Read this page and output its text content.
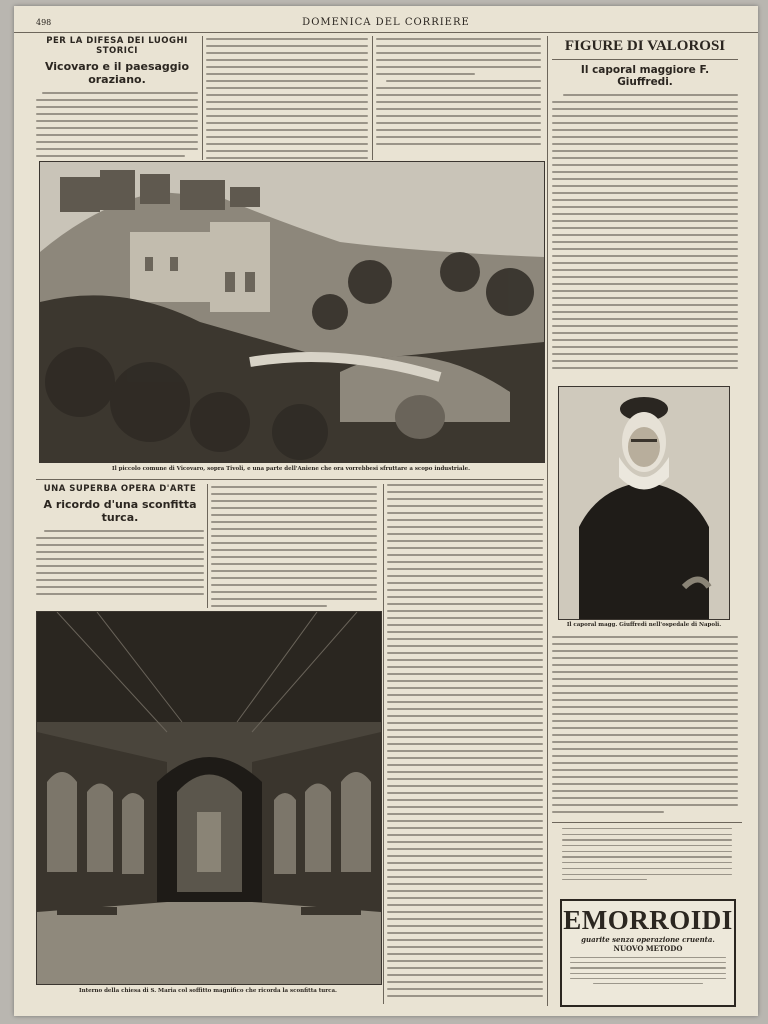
498	DOMENICA DEL CORRIERE
PER LA DIFESA DEI LUOGHI STORICI
Vicovaro e il paesaggio oraziano.
Il piccolo comune di Vicovaro, sopra Tivoli, e una parte dell'Aniene che ora vorrebbesi sfruttare a scopo industriale.
UNA SUPERBA OPERA D'ARTE
A ricordo d'una sconfitta turca.
Interno della chiesa di S. Maria col soffitto magnifico che ricorda la sconfitta turca.
FIGURE DI VALOROSI
Il caporal maggiore F. Giuffredi.
Il caporal magg. Giuffredi nell'ospedale di Napoli.
EMORROIDI
guarite senza operazione cruenta.
NUOVO METODO
